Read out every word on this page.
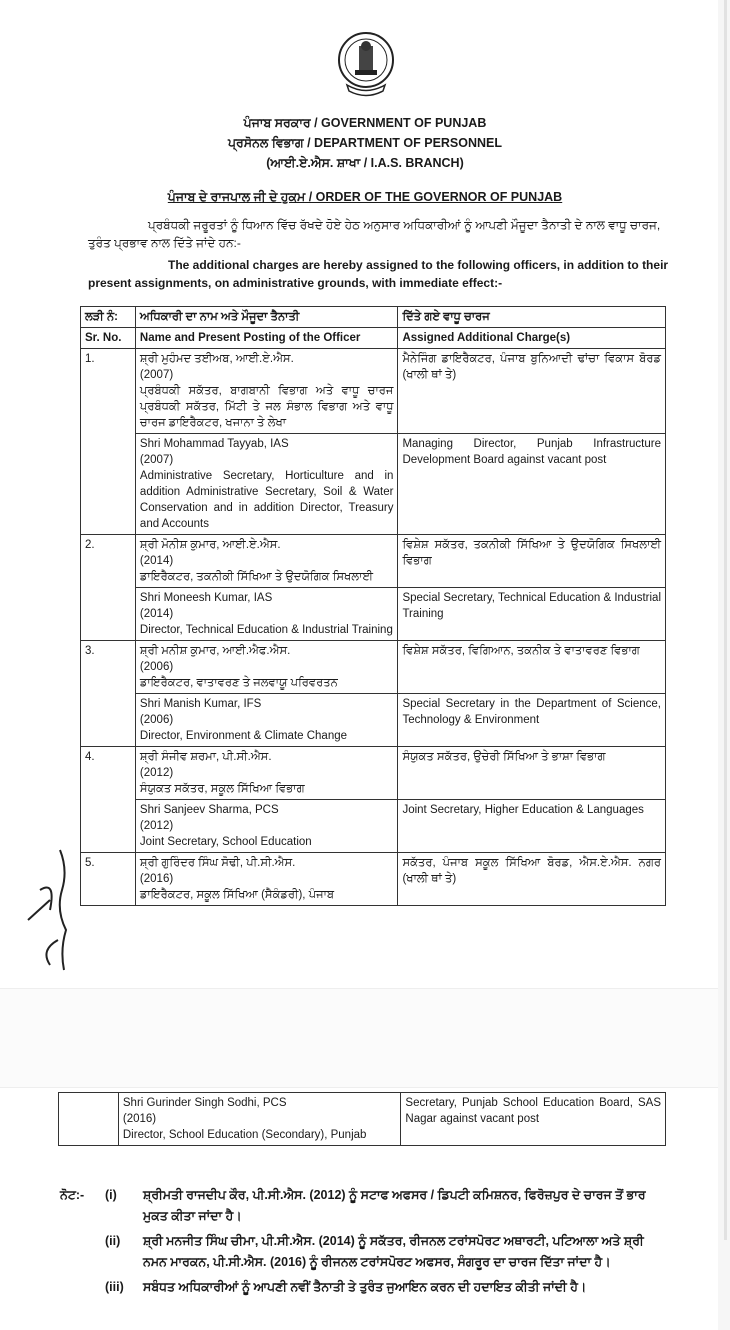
ਪੰਜਾਬ ਸਰਕਾਰ / GOVERNMENT OF PUNJAB
ਪ੍ਰਸੋਨਲ ਵਿਭਾਗ / DEPARTMENT OF PERSONNEL
(ਆਈ.ਏ.ਐਸ. ਸ਼ਾਖਾ / I.A.S. BRANCH)
ਪੰਜਾਬ ਦੇ ਰਾਜਪਾਲ ਜੀ ਦੇ ਹੁਕਮ / ORDER OF THE GOVERNOR OF PUNJAB
ਪ੍ਰਬੰਧਕੀ ਜਰੂਰਤਾਂ ਨੂੰ ਧਿਆਨ ਵਿੱਚ ਰੱਖਦੇ ਹੋਏ ਹੇਠ ਅਨੁਸਾਰ ਅਧਿਕਾਰੀਆਂ ਨੂੰ ਆਪਣੀ ਮੌਜੂਦਾ ਤੈਨਾਤੀ ਦੇ ਨਾਲ ਵਾਧੂ ਚਾਰਜ, ਤੁਰੰਤ ਪ੍ਰਭਾਵ ਨਾਲ ਦਿੱਤੇ ਜਾਂਦੇ ਹਨ:-
The additional charges are hereby assigned to the following officers, in addition to their present assignments, on administrative grounds, with immediate effect:-
ਲੜੀ ਨੰ:	ਅਧਿਕਾਰੀ ਦਾ ਨਾਮ ਅਤੇ ਮੌਜੂਦਾ ਤੈਨਾਤੀ	ਦਿੱਤੇ ਗਏ ਵਾਧੂ ਚਾਰਜ
Sr. No.	Name and Present Posting of the Officer	Assigned Additional Charge(s)
1.	ਸ਼੍ਰੀ ਮੁਹੰਮਦ ਤਈਅਬ, ਆਈ.ਏ.ਐਸ.
(2007)
ਪ੍ਰਬੰਧਕੀ ਸਕੱਤਰ, ਬਾਗਬਾਨੀ ਵਿਭਾਗ ਅਤੇ ਵਾਧੂ ਚਾਰਜ ਪ੍ਰਬੰਧਕੀ ਸਕੱਤਰ, ਮਿੱਟੀ ਤੇ ਜਲ ਸੰਭਾਲ ਵਿਭਾਗ ਅਤੇ ਵਾਧੂ ਚਾਰਜ ਡਾਇਰੈਕਟਰ, ਖਜਾਨਾ ਤੇ ਲੇਖਾ	ਮੈਨੇਜਿੰਗ ਡਾਇਰੈਕਟਰ, ਪੰਜਾਬ ਬੁਨਿਆਦੀ ਢਾਂਚਾ ਵਿਕਾਸ ਬੋਰਡ (ਖਾਲੀ ਥਾਂ ਤੇ)
	Shri Mohammad Tayyab, IAS
(2007)
Administrative Secretary, Horticulture and in addition Administrative Secretary, Soil & Water Conservation and in addition Director, Treasury and Accounts	Managing Director, Punjab Infrastructure Development Board against vacant post
2.	ਸ਼੍ਰੀ ਮੋਨੀਸ਼ ਕੁਮਾਰ, ਆਈ.ਏ.ਐਸ.
(2014)
ਡਾਇਰੈਕਟਰ, ਤਕਨੀਕੀ ਸਿੱਖਿਆ ਤੇ ਉਦਯੋਗਿਕ ਸਿਖਲਾਈ	ਵਿਸ਼ੇਸ਼ ਸਕੱਤਰ, ਤਕਨੀਕੀ ਸਿੱਖਿਆ ਤੇ ਉਦਯੋਗਿਕ ਸਿਖਲਾਈ ਵਿਭਾਗ
	Shri Moneesh Kumar, IAS
(2014)
Director, Technical Education & Industrial Training	Special Secretary, Technical Education & Industrial Training
3.	ਸ਼੍ਰੀ ਮਨੀਸ਼ ਕੁਮਾਰ, ਆਈ.ਐਫ.ਐਸ.
(2006)
ਡਾਇਰੈਕਟਰ, ਵਾਤਾਵਰਣ ਤੇ ਜਲਵਾਯੂ ਪਰਿਵਰਤਨ	ਵਿਸ਼ੇਸ਼ ਸਕੱਤਰ, ਵਿਗਿਆਨ, ਤਕਨੀਕ ਤੇ ਵਾਤਾਵਰਣ ਵਿਭਾਗ
	Shri Manish Kumar, IFS
(2006)
Director, Environment & Climate Change	Special Secretary in the Department of Science, Technology & Environment
4.	ਸ਼੍ਰੀ ਸੰਜੀਵ ਸ਼ਰਮਾ, ਪੀ.ਸੀ.ਐਸ.
(2012)
ਸੰਯੁਕਤ ਸਕੱਤਰ, ਸਕੂਲ ਸਿੱਖਿਆ ਵਿਭਾਗ	ਸੰਯੁਕਤ ਸਕੱਤਰ, ਉਚੇਰੀ ਸਿੱਖਿਆ ਤੇ ਭਾਸ਼ਾ ਵਿਭਾਗ
	Shri Sanjeev Sharma, PCS
(2012)
Joint Secretary, School Education	Joint Secretary, Higher Education & Languages
5.	ਸ਼੍ਰੀ ਗੁਰਿੰਦਰ ਸਿੰਘ ਸੋਢੀ, ਪੀ.ਸੀ.ਐਸ.
(2016)
ਡਾਇਰੈਕਟਰ, ਸਕੂਲ ਸਿੱਖਿਆ (ਸੈਕੰਡਰੀ), ਪੰਜਾਬ	ਸਕੱਤਰ, ਪੰਜਾਬ ਸਕੂਲ ਸਿੱਖਿਆ ਬੋਰਡ, ਐਸ.ਏ.ਐਸ. ਨਗਰ (ਖਾਲੀ ਥਾਂ ਤੇ)
	Shri Gurinder Singh Sodhi, PCS
(2016)
Director, School Education (Secondary), Punjab	Secretary, Punjab School Education Board, SAS Nagar against vacant post
ਨੋਟ:-	(i)	ਸ਼੍ਰੀਮਤੀ ਰਾਜਦੀਪ ਕੌਰ, ਪੀ.ਸੀ.ਐਸ. (2012) ਨੂੰ ਸਟਾਫ ਅਫਸਰ / ਡਿਪਟੀ ਕਮਿਸ਼ਨਰ, ਫਿਰੋਜ਼ਪੁਰ ਦੇ ਚਾਰਜ ਤੋਂ ਭਾਰ ਮੁਕਤ ਕੀਤਾ ਜਾਂਦਾ ਹੈ।
(ii)	ਸ਼੍ਰੀ ਮਨਜੀਤ ਸਿੰਘ ਚੀਮਾ, ਪੀ.ਸੀ.ਐਸ. (2014) ਨੂੰ ਸਕੱਤਰ, ਰੀਜਨਲ ਟਰਾਂਸਪੋਰਟ ਅਥਾਰਟੀ, ਪਟਿਆਲਾ ਅਤੇ ਸ਼੍ਰੀ ਨਮਨ ਮਾਰਕਨ, ਪੀ.ਸੀ.ਐਸ. (2016) ਨੂੰ ਰੀਜਨਲ ਟਰਾਂਸਪੋਰਟ ਅਫਸਰ, ਸੰਗਰੂਰ ਦਾ ਚਾਰਜ ਦਿੱਤਾ ਜਾਂਦਾ ਹੈ।
(iii)	ਸਬੰਧਤ ਅਧਿਕਾਰੀਆਂ ਨੂੰ ਆਪਣੀ ਨਵੀਂ ਤੈਨਾਤੀ ਤੇ ਤੁਰੰਤ ਜੁਆਇਨ ਕਰਨ ਦੀ ਹਦਾਇਤ ਕੀਤੀ ਜਾਂਦੀ ਹੈ।
